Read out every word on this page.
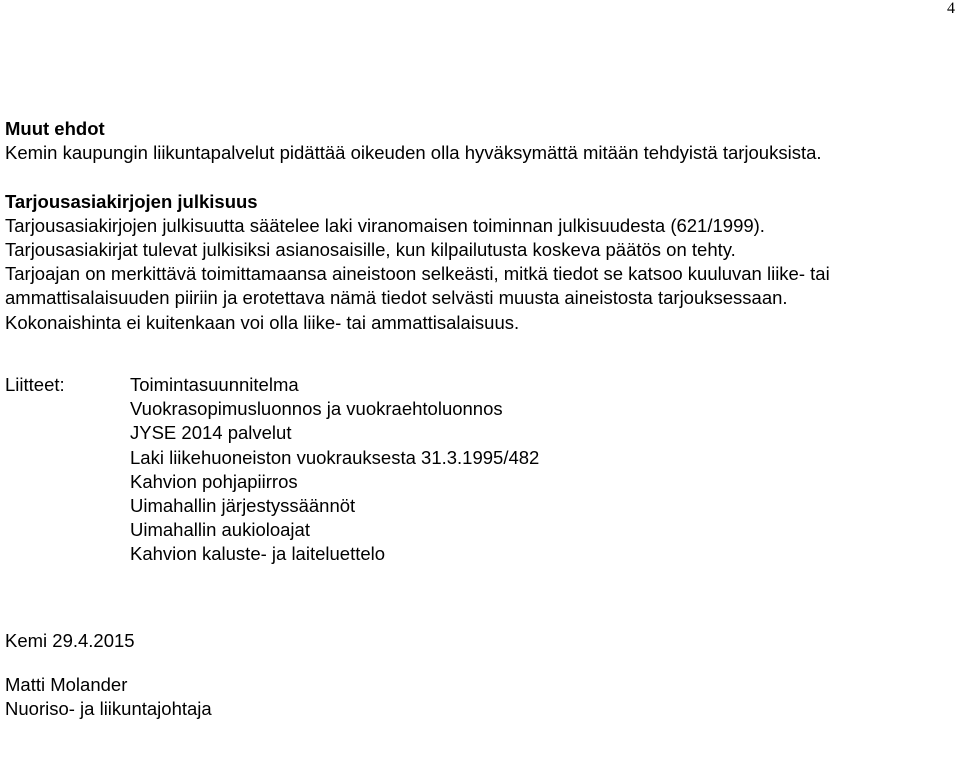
4
Muut ehdot

Kemin kaupungin liikuntapalvelut pidättää oikeuden olla hyväksymättä mitään tehdyistä tarjouksista.

Tarjousasiakirjojen julkisuus

Tarjousasiakirjojen julkisuutta säätelee laki viranomaisen toiminnan julkisuudesta (621/1999).

Tarjousasiakirjat tulevat julkisiksi asianosaisille, kun kilpailutusta koskeva päätös on tehty.

Tarjoajan on merkittävä toimittamaansa aineistoon selkeästi, mitkä tiedot se katsoo kuuluvan liike- tai ammattisalaisuuden piiriin ja erotettava nämä tiedot selvästi muusta aineistosta tarjouksessaan.

Kokonaishinta ei kuitenkaan voi olla liike- tai ammattisalaisuus.

Liitteet:	Toimintasuunnitelma
Vuokrasopimusluonnos ja vuokraehtoluonnos
JYSE 2014 palvelut
Laki liikehuoneiston vuokrauksesta 31.3.1995/482
Kahvion pohjapiirros
Uimahallin järjestyssäännöt
Uimahallin aukioloajat
Kahvion kaluste- ja laiteluettelo
Kemi 29.4.2015
Matti Molander
Nuoriso- ja liikuntajohtaja
